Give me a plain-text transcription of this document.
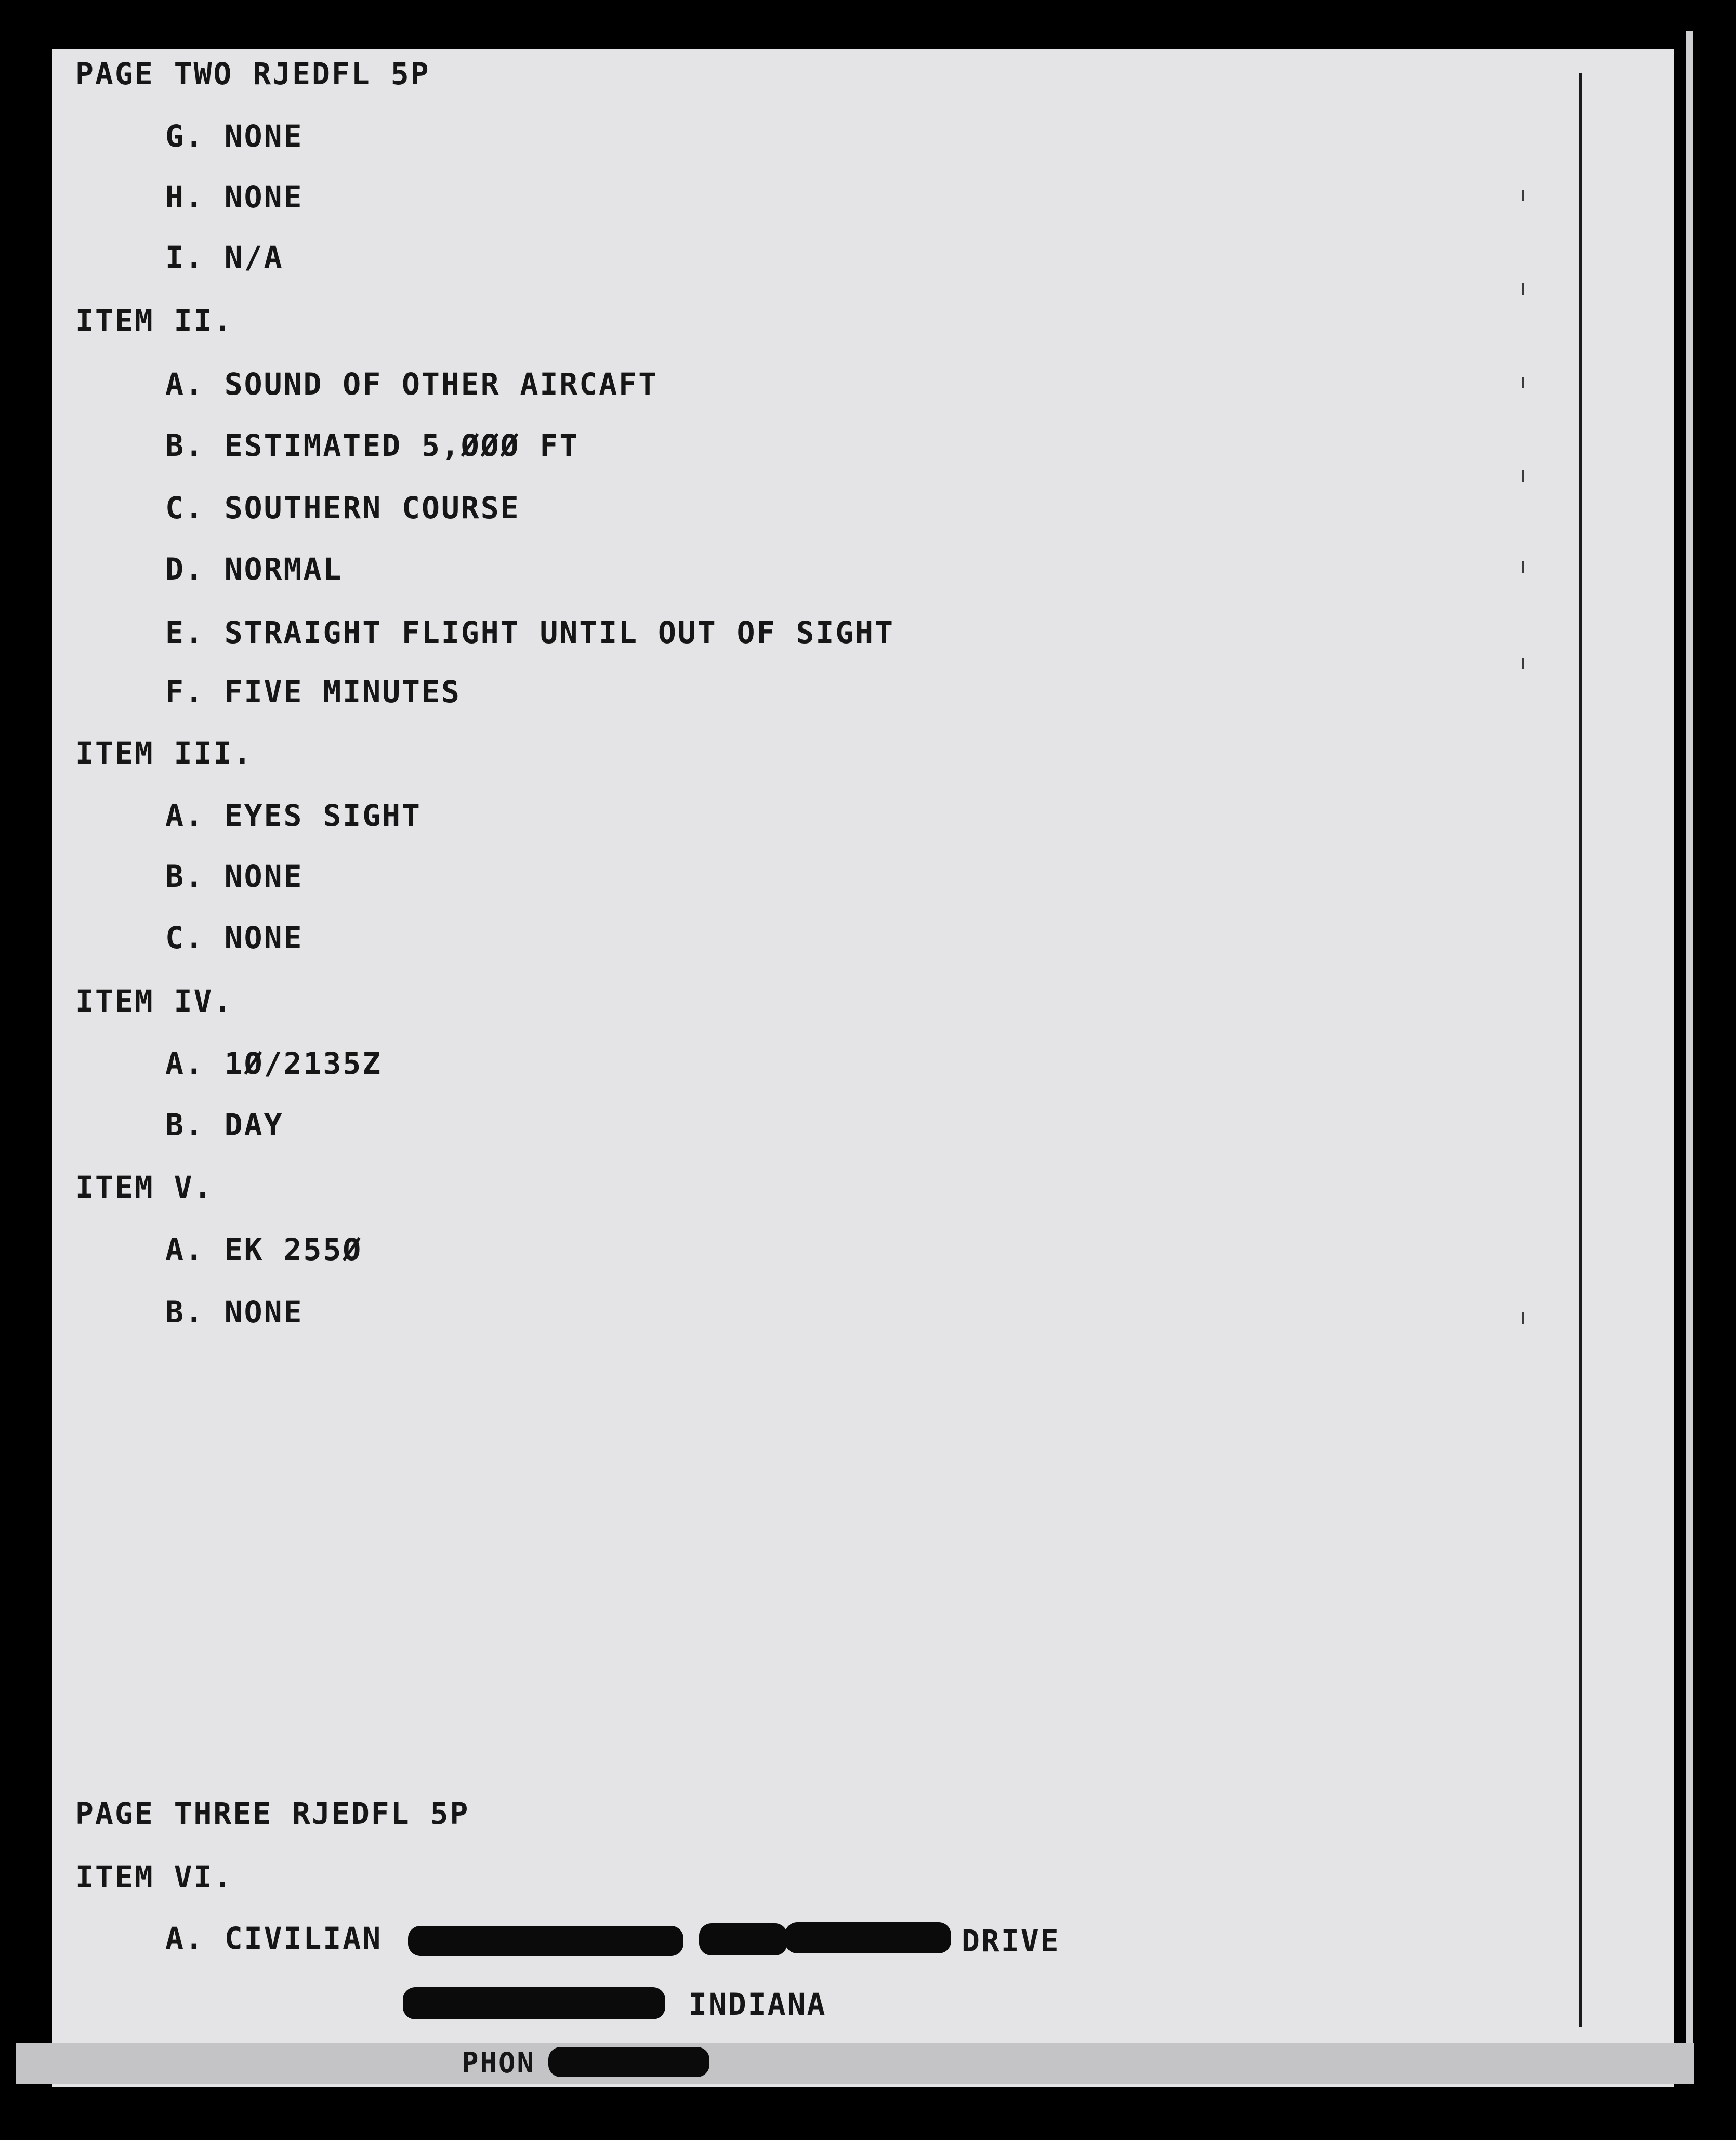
PAGE TWO RJEDFL 5P
G. NONE
H. NONE
I. N/A
ITEM II.
A. SOUND OF OTHER AIRCAFT
B. ESTIMATED 5,ØØØ FT
C. SOUTHERN COURSE
D. NORMAL
E. STRAIGHT FLIGHT UNTIL OUT OF SIGHT
F. FIVE MINUTES
ITEM III.
A. EYES SIGHT
B. NONE
C. NONE
ITEM IV.
A. 1Ø/2135Z
B. DAY
ITEM V.
A. EK 255Ø
B. NONE
PAGE THREE RJEDFL 5P
ITEM VI.
A. CIVILIAN	DRIVE
INDIANA
PHON
